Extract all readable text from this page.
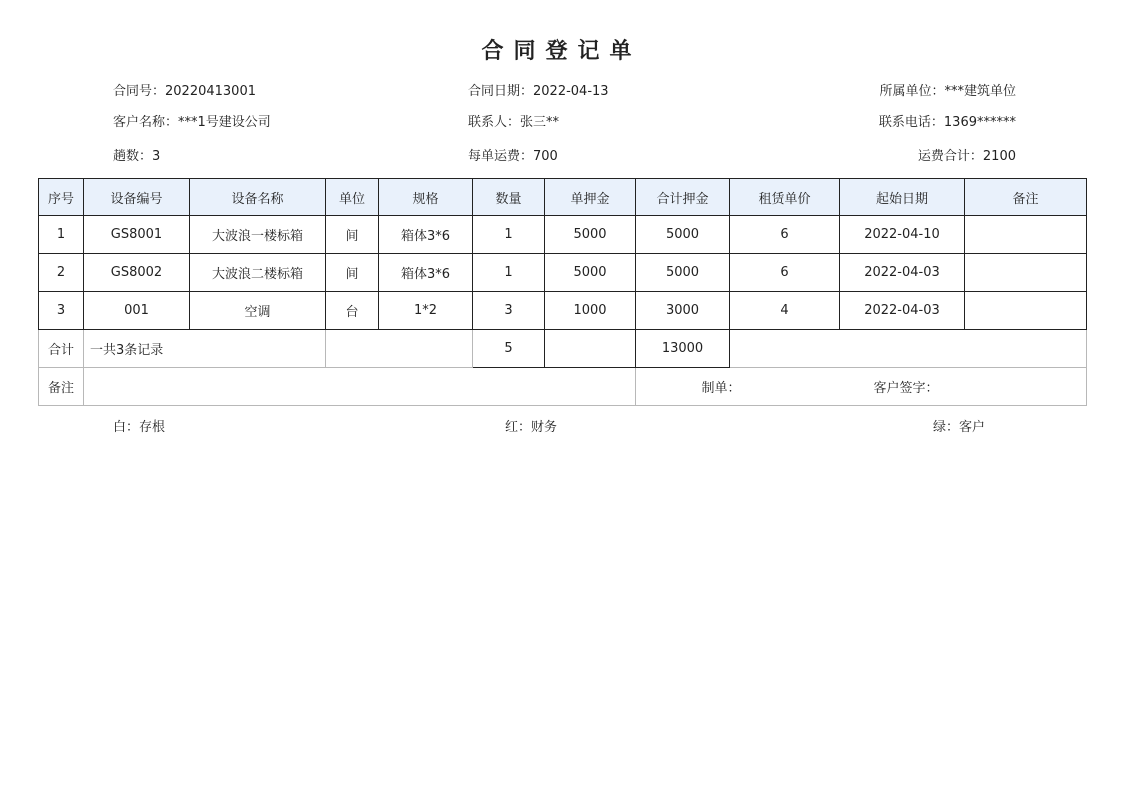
合同登记单
合同号：20220413001	合同日期：2022-04-13	所属单位：***建筑单位
客户名称：***1号建设公司	联系人：张三**	联系电话：1369******
趟数：3	每单运费：700	运费合计：2100
序号	设备编号	设备名称	单位	规格	数量	单押金	合计押金	租赁单价	起始日期	备注
1	GS8001	大波浪一楼标箱	间	箱体3*6	1	5000	5000	6	2022-04-10	
2	GS8002	大波浪二楼标箱	间	箱体3*6	1	5000	5000	6	2022-04-03	
3	001	空调	台	1*2	3	1000	3000	4	2022-04-03	
合计	一共3条记录				5		13000			
备注							制单： 客户签字：			
白：存根	红：财务	绿：客户
